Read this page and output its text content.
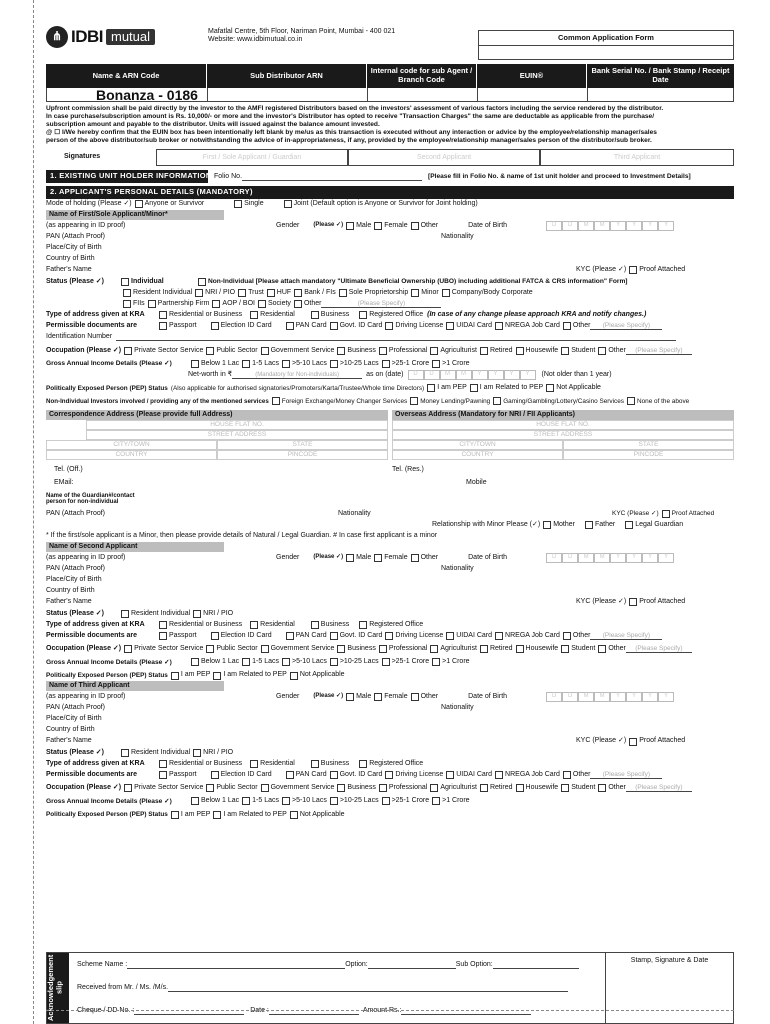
⋔ IDBI mutual	Mafatlal Centre, 5th Floor, Nariman Point, Mumbai - 400 021
Website: www.idbimutual.co.in	Common Application Form
Name & ARN Code	Sub Distributor ARN	Internal code for sub Agent / Branch Code	EUIN®	Bank Serial No. / Bank Stamp / Receipt Date
Bonanza - 0186
Upfront commission shall be paid directly by the investor to the AMFI registered Distributors based on the investors' assessment of various factors including the service rendered by the distributor.
In case purchase/subscription amount is Rs. 10,000/- or more and the investor's Distributor has opted to receive "Transaction Charges" the same are deductable as applicable from the purchase/
subscription amount and payable to the distributor. Units will issued against the balance amount invested.
@ ☐ I/We hereby confirm that the EUIN box has been intentionally left blank by me/us as this transaction is executed without any interaction or advice by the employee/relationship manager/sales
person of the above distributor/sub broker or notwithstanding the advice of in-appropriateness, if any, provided by the employee/relationship manager/sales person of the distributor/sub broker.
Signatures	First / Sole Applicant / Guardian	Second Applicant	Third Applicant
1. EXISTING UNIT HOLDER INFORMATION Folio No.	[Please fill in Folio No. & name of 1st unit holder and proceed to Investment Details]
2. APPLICANT'S PERSONAL DETAILS (MANDATORY)
Mode of holding (Please ✓) Anyone or Survivor	Single	Joint (Default option is Anyone or Survivor for Joint holding)
Name of First/Sole Applicant/Minor*
(as appearing in ID proof)	Gender (Please ✓) Male Female Other	Date of Birth	D	D	M	M	Y	Y	Y	Y
PAN (Attach Proof)	Nationality
Place/City of Birth
Country of Birth
Father's Name	KYC (Please ✓) Proof Attached
Status (Please ✓)	Individual	Non-Individual [Please attach mandatory "Ultimate Beneficial Ownership (UBO) including additional FATCA & CRS information" Form]
Resident Individual NRI / PIO Trust HUF Bank / FIs Sole Proprietorship Minor Company/Body Corporate
FIIs Partnership Firm AOP / BOI Society Other	(Please Specify)
Type of address given at KRA	Residential or Business	Residential	Business	Registered Office (In case of any change please approach KRA and notify changes.)
Permissible documents are	Passport	Election ID Card	PAN Card Govt. ID Card Driving License UIDAI Card NREGA Job Card Other	(Please Specify)
Identification Number
Occupation (Please ✓) Private Sector Service Public Sector Government Service Business Professional Agriculturist Retired Housewife Student Other	(Please Specify)
Gross Annual Income Details (Please ✓)	Below 1 Lac 1-5 Lacs >5-10 Lacs >10-25 Lacs >25-1 Crore >1 Crore
Net-worth in ₹	(Mandatory for Non-individuals)	as on (date)	D	D	M	M	Y	Y	Y	Y	(Not older than 1 year)
Politically Exposed Person (PEP) Status (Also applicable for authorised signatories/Promoters/Karta/Trustee/Whole time Directors) I am PEP I am Related to PEP Not Applicable
Non-Individual Investors involved / providing any of the mentioned services Foreign Exchange/Money Changer Services Money Lending/Pawning Gaming/Gambling/Lottery/Casino Services None of the above
Correspondence Address (Please provide full Address)
HOUSE FLAT NO.
STREET ADDRESS
CITY/TOWN	STATE
COUNTRY	PINCODE
Overseas Address (Mandatory for NRI / FII Applicants)
HOUSE FLAT NO.
STREET ADDRESS
CITY/TOWN	STATE
COUNTRY	PINCODE
Tel. (Off.)	Tel. (Res.)
EMail:	Mobile
Name of the Guardian#/contact person for non-individual
PAN (Attach Proof)	Nationality	KYC (Please ✓) Proof Attached
Relationship with Minor Please (✓) Mother	Father	Legal Guardian
* If the first/sole applicant is a Minor, then please provide details of Natural / Legal Guardian. # In case first applicant is a minor
Name of Second Applicant
(as appearing in ID proof)	Gender (Please ✓) Male Female Other	Date of Birth	D	D	M	M	Y	Y	Y	Y
PAN (Attach Proof)	Nationality
Place/City of Birth
Country of Birth
Father's Name	KYC (Please ✓) Proof Attached
Status (Please ✓)	Resident Individual NRI / PIO
Type of address given at KRA	Residential or Business	Residential	Business	Registered Office
Permissible documents are	Passport	Election ID Card	PAN Card Govt. ID Card Driving License UIDAI Card NREGA Job Card Other	(Please Specify)
Occupation (Please ✓) Private Sector Service Public Sector Government Service Business Professional Agriculturist Retired Housewife Student Other	(Please Specify)
Gross Annual Income Details (Please ✓)	Below 1 Lac 1-5 Lacs >5-10 Lacs >10-25 Lacs >25-1 Crore >1 Crore
Politically Exposed Person (PEP) Status I am PEP I am Related to PEP Not Applicable
Name of Third Applicant
(as appearing in ID proof)	Gender (Please ✓) Male Female Other	Date of Birth	D	D	M	M	Y	Y	Y	Y
PAN (Attach Proof)	Nationality
Place/City of Birth
Country of Birth
Father's Name	KYC (Please ✓) Proof Attached
Status (Please ✓)	Resident Individual NRI / PIO
Type of address given at KRA	Residential or Business	Residential	Business	Registered Office
Permissible documents are	Passport	Election ID Card	PAN Card Govt. ID Card Driving License UIDAI Card NREGA Job Card Other	(Please Specify)
Occupation (Please ✓) Private Sector Service Public Sector Government Service Business Professional Agriculturist Retired Housewife Student Other	(Please Specify)
Gross Annual Income Details (Please ✓)	Below 1 Lac 1-5 Lacs >5-10 Lacs >10-25 Lacs >25-1 Crore >1 Crore
Politically Exposed Person (PEP) Status I am PEP I am Related to PEP Not Applicable
Acknowledgement slip
Scheme Name :	Option:	Sub Option:
Received from Mr. / Ms. /M/s.
Cheque / DD No. :	Date :	Amount Rs.:
Stamp, Signature & Date
